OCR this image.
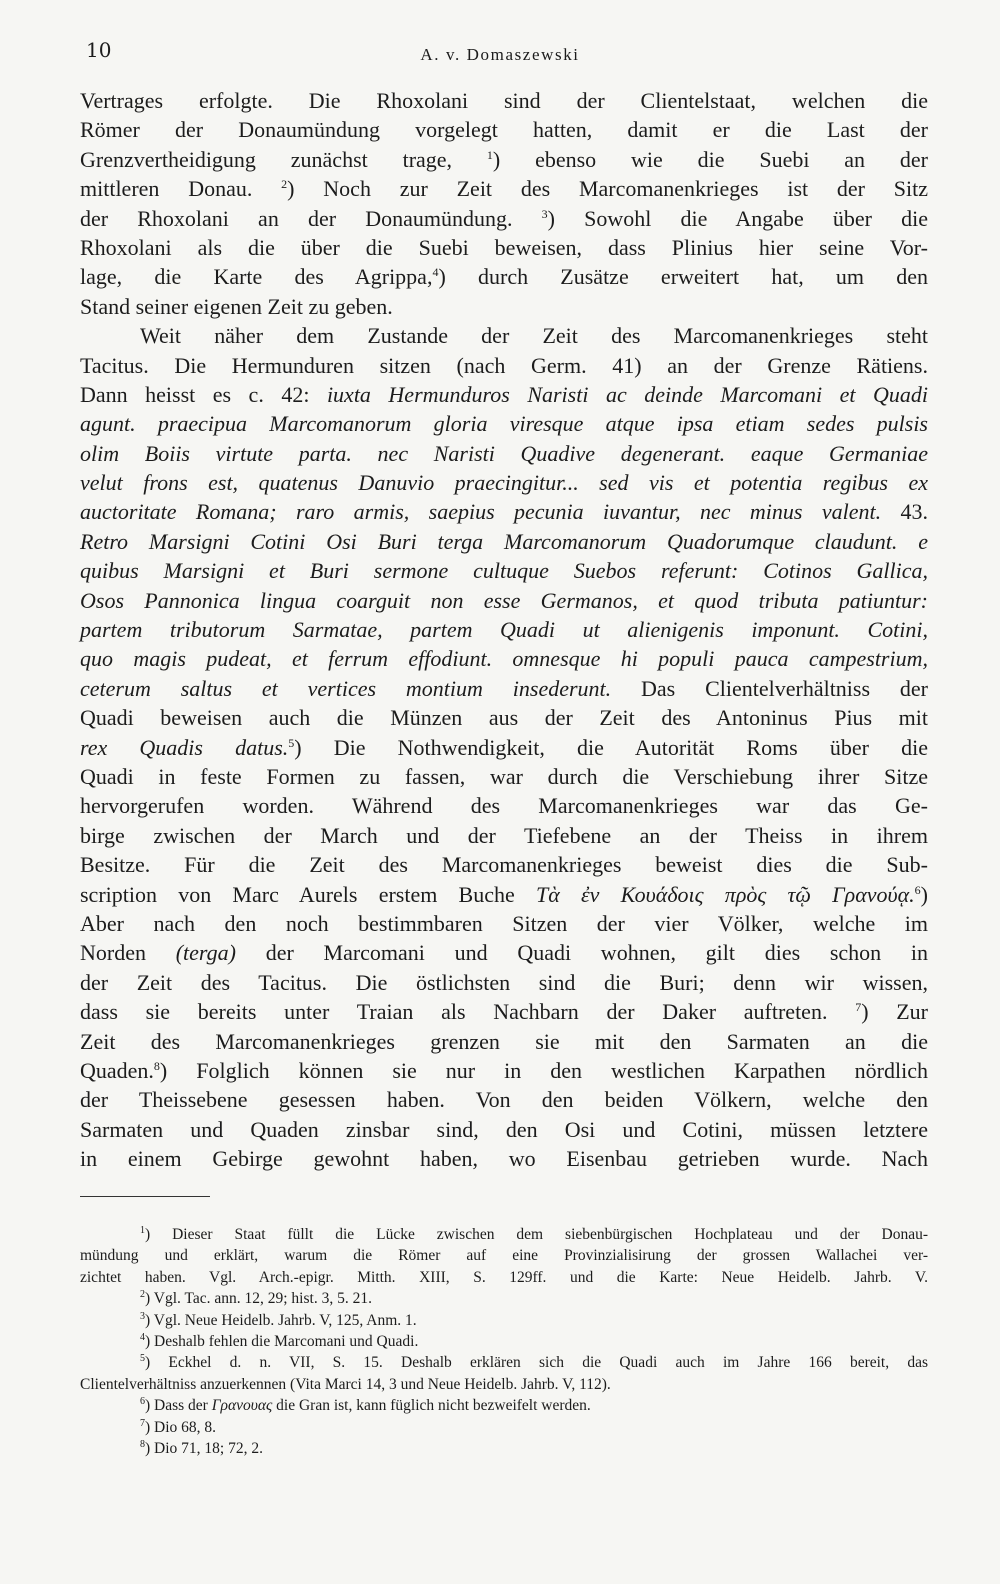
10	A. v. Domaszewski
Vertrages erfolgte. Die Rhoxolani sind der Clientelstaat, welchen die
Römer der Donaumündung vorgelegt hatten, damit er die Last der
Grenzvertheidigung zunächst trage,	$^1$) ebenso wie die Suebi an der
mittleren Donau. $^2$) Noch zur Zeit des Marcomanenkrieges ist der Sitz
der Rhoxolani an der Donaumündung. $^3$) Sowohl die Angabe über die
Rhoxolani als die über die Suebi beweisen, dass Plinius hier seine Vor-
lage, die Karte des Agrippa,$^4$) durch Zusätze erweitert hat, um den
Stand seiner eigenen Zeit zu geben.
Weit näher dem Zustande der Zeit des Marcomanenkrieges steht
Tacitus. Die Hermunduren sitzen (nach Germ. 41) an der Grenze Rätiens.
Dann heisst es c. 42: iuxta Hermunduros Naristi ac deinde Marcomani et Quadi
agunt. praecipua Marcomanorum gloria viresque atque ipsa etiam sedes pulsis
olim Boiis virtute parta. nec Naristi Quadive degenerant. eaque Germaniae
velut frons est, quatenus Danuvio praecingitur... sed vis et potentia regibus ex
auctoritate Romana; raro armis, saepius pecunia iuvantur, nec minus valent. 43.
Retro Marsigni Cotini Osi Buri terga Marcomanorum Quadorumque claudunt. e
quibus Marsigni et Buri sermone cultuque Suebos referunt: Cotinos Gallica,
Osos Pannonica lingua coarguit non esse Germanos, et quod tributa patiuntur:
partem tributorum Sarmatae, partem Quadi ut alienigenis imponunt. Cotini,
quo magis pudeat, et ferrum effodiunt. omnesque hi populi pauca campestrium,
ceterum saltus et vertices montium insederunt. Das Clientelverhältniss der
Quadi beweisen auch die Münzen aus der Zeit des Antoninus Pius mit
rex Quadis datus.$^5$) Die Nothwendigkeit, die Autorität Roms über die
Quadi in feste Formen zu fassen, war durch die Verschiebung ihrer Sitze
hervorgerufen worden. Während des Marcomanenkrieges war das Ge-
birge zwischen der March und der Tiefebene an der Theiss in ihrem
Besitze. Für die Zeit des Marcomanenkrieges beweist dies die Sub-
scription von Marc Aurels erstem Buche Τὰ ἐν Κουάδοις πρὸς τῷ Γρανούᾳ.$^6$)
Aber nach den noch bestimmbaren Sitzen der vier Völker, welche im
Norden (terga) der Marcomani und Quadi wohnen, gilt dies schon in
der Zeit des Tacitus. Die östlichsten sind die Buri; denn wir wissen,
dass sie bereits unter Traian als Nachbarn der Daker auftreten. $^7$) Zur
Zeit des Marcomanenkrieges grenzen sie mit den Sarmaten an die
Quaden.$^8$) Folglich können sie nur in den westlichen Karpathen nördlich
der Theissebene gesessen haben. Von den beiden Völkern, welche den
Sarmaten und Quaden zinsbar sind, den Osi und Cotini, müssen letztere
in einem Gebirge gewohnt haben, wo Eisenbau getrieben wurde. Nach
$^1$) Dieser Staat füllt die Lücke zwischen dem siebenbürgischen Hochplateau und der Donau-
mündung und erklärt, warum die Römer auf eine Provinzialisirung der grossen Wallachei ver-
zichtet haben. Vgl. Arch.-epigr. Mitth. XIII, S. 129ff. und die Karte: Neue Heidelb. Jahrb. V.
$^2$) Vgl. Tac. ann. 12, 29; hist. 3, 5. 21.
$^3$) Vgl. Neue Heidelb. Jahrb. V, 125, Anm. 1.
$^4$) Deshalb fehlen die Marcomani und Quadi.
$^5$) Eckhel d. n. VII, S. 15. Deshalb erklären sich die Quadi auch im Jahre 166 bereit, das
Clientelverhältniss anzuerkennen (Vita Marci 14, 3 und Neue Heidelb. Jahrb. V, 112).
$^6$) Dass der Γρανουας die Gran ist, kann füglich nicht bezweifelt werden.
$^7$) Dio 68, 8.
$^8$) Dio 71, 18; 72, 2.
